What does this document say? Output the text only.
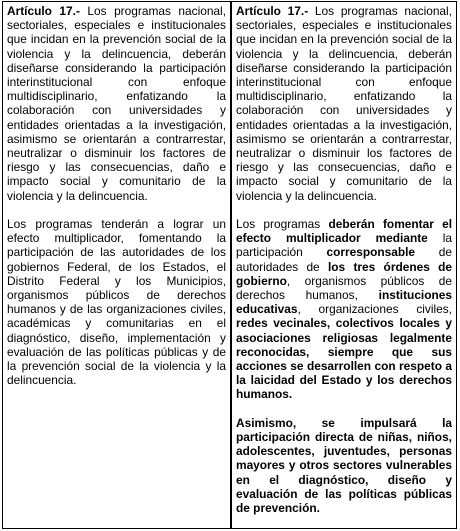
Artículo 17.- Los programas nacional, sectoriales, especiales e institucionales que incidan en la prevención social de la violencia y la delincuencia, deberán diseñarse considerando la participación interinstitucional con enfoque multidisciplinario, enfatizando la colaboración con universidades y entidades orientadas a la investigación, asimismo se orientarán a contrarrestar, neutralizar o disminuir los factores de riesgo y las consecuencias, daño e impacto social y comunitario de la violencia y la delincuencia.

Los programas tenderán a lograr un efecto multiplicador, fomentando la participación de las autoridades de los gobiernos Federal, de los Estados, el Distrito Federal y los Municipios, organismos públicos de derechos humanos y de las organizaciones civiles, académicas y comunitarias en el diagnóstico, diseño, implementación y evaluación de las políticas públicas y de la prevención social de la violencia y la delincuencia.

Artículo 17.- Los programas nacional, sectoriales, especiales e institucionales que incidan en la prevención social de la violencia y la delincuencia, deberán diseñarse considerando la participación interinstitucional con enfoque multidisciplinario, enfatizando la colaboración con universidades y entidades orientadas a la investigación, asimismo se orientarán a contrarrestar, neutralizar o disminuir los factores de riesgo y las consecuencias, daño e impacto social y comunitario de la violencia y la delincuencia.

Los programas deberán fomentar el efecto multiplicador mediante la participación corresponsable de autoridades de los tres órdenes de gobierno, organismos públicos de derechos humanos, instituciones educativas, organizaciones civiles, redes vecinales, colectivos locales y asociaciones religiosas legalmente reconocidas, siempre que sus acciones se desarrollen con respeto a la laicidad del Estado y los derechos humanos.

Asimismo, se impulsará la participación directa de niñas, niños, adolescentes, juventudes, personas mayores y otros sectores vulnerables en el diagnóstico, diseño y evaluación de las políticas públicas de prevención.
